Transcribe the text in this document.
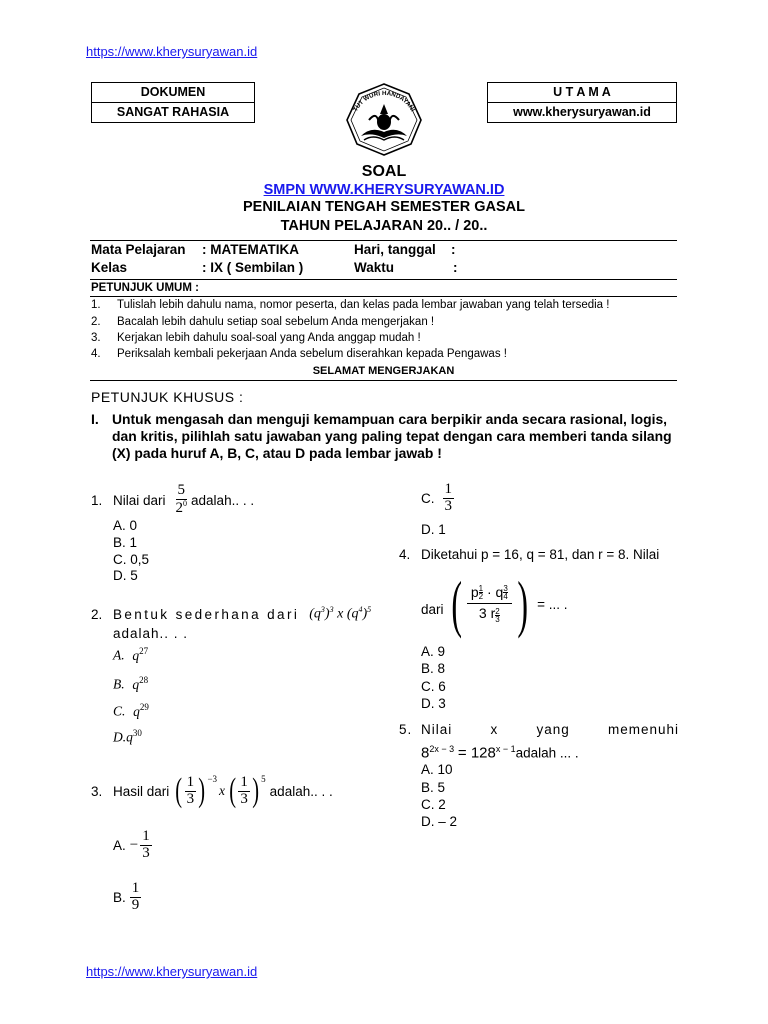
https://www.kherysuryawan.id
DOKUMEN
SANGAT RAHASIA	TUT WURI HANDAYANI
U T A M A
www.kherysuryawan.id
SOAL
SMPN WWW.KHERYSURYAWAN.ID
PENILAIAN TENGAH SEMESTER GASAL
TAHUN PELAJARAN 20.. / 20..
Mata Pelajaran : MATEMATIKA	Hari, tanggal :
Kelas	: IX ( Sembilan )	Waktu	:
PETUNJUK UMUM :
1. Tulislah lebih dahulu nama, nomor peserta, dan kelas pada lembar jawaban yang telah tersedia !
2. Bacalah lebih dahulu setiap soal sebelum Anda mengerjakan !
3. Kerjakan lebih dahulu soal-soal yang Anda anggap mudah !
4. Periksalah kembali pekerjaan Anda sebelum diserahkan kepada Pengawas !
SELAMAT MENGERJAKAN
PETUNJUK KHUSUS :
I. Untuk mengasah dan menguji kemampuan cara berpikir anda secara rasional, logis, dan kritis, pilihlah satu jawaban yang paling tepat dengan cara memberi tanda silang (X) pada huruf A, B, C, atau D pada lembar jawab !
1. Nilai dari $\frac{5}{2^0}$ adalah.. . .
A. 0
B. 1
C. 0,5
D. 5
2. Bentuk sederhana dari $(q^3)^3$ x $(q^4)^5$
adalah.. . .
A. $q^{27}$
B. $q^{28}$
C. $q^{29}$
$D.q^{30}$
3. Hasil dari ( $\frac{1}{3}$ ) $^{-3}$
x ( $\frac{1}{3}$ ) $^5$
adalah.. . .
A. − $\frac{1}{3}$
B. $\frac{1}{9}$
C. $\frac{1}{3}$
D. 1
4. Diketahui p = 16, q = 81, dan r = 8. Nilai
dari ( $\frac{p \frac{1}{2} \cdot q \frac{3}{4}}{3 r \frac{2}{3}}$ ) = ... .
A. 9
B. 8
C. 6
D. 3
5. Nilai	x	yang	memenuhi
$8^{2x - 3}$ = $128^{x - 1}adalah$ ... .
A. 10
B. 5
C. 2
D. – 2
https://www.kherysuryawan.id
